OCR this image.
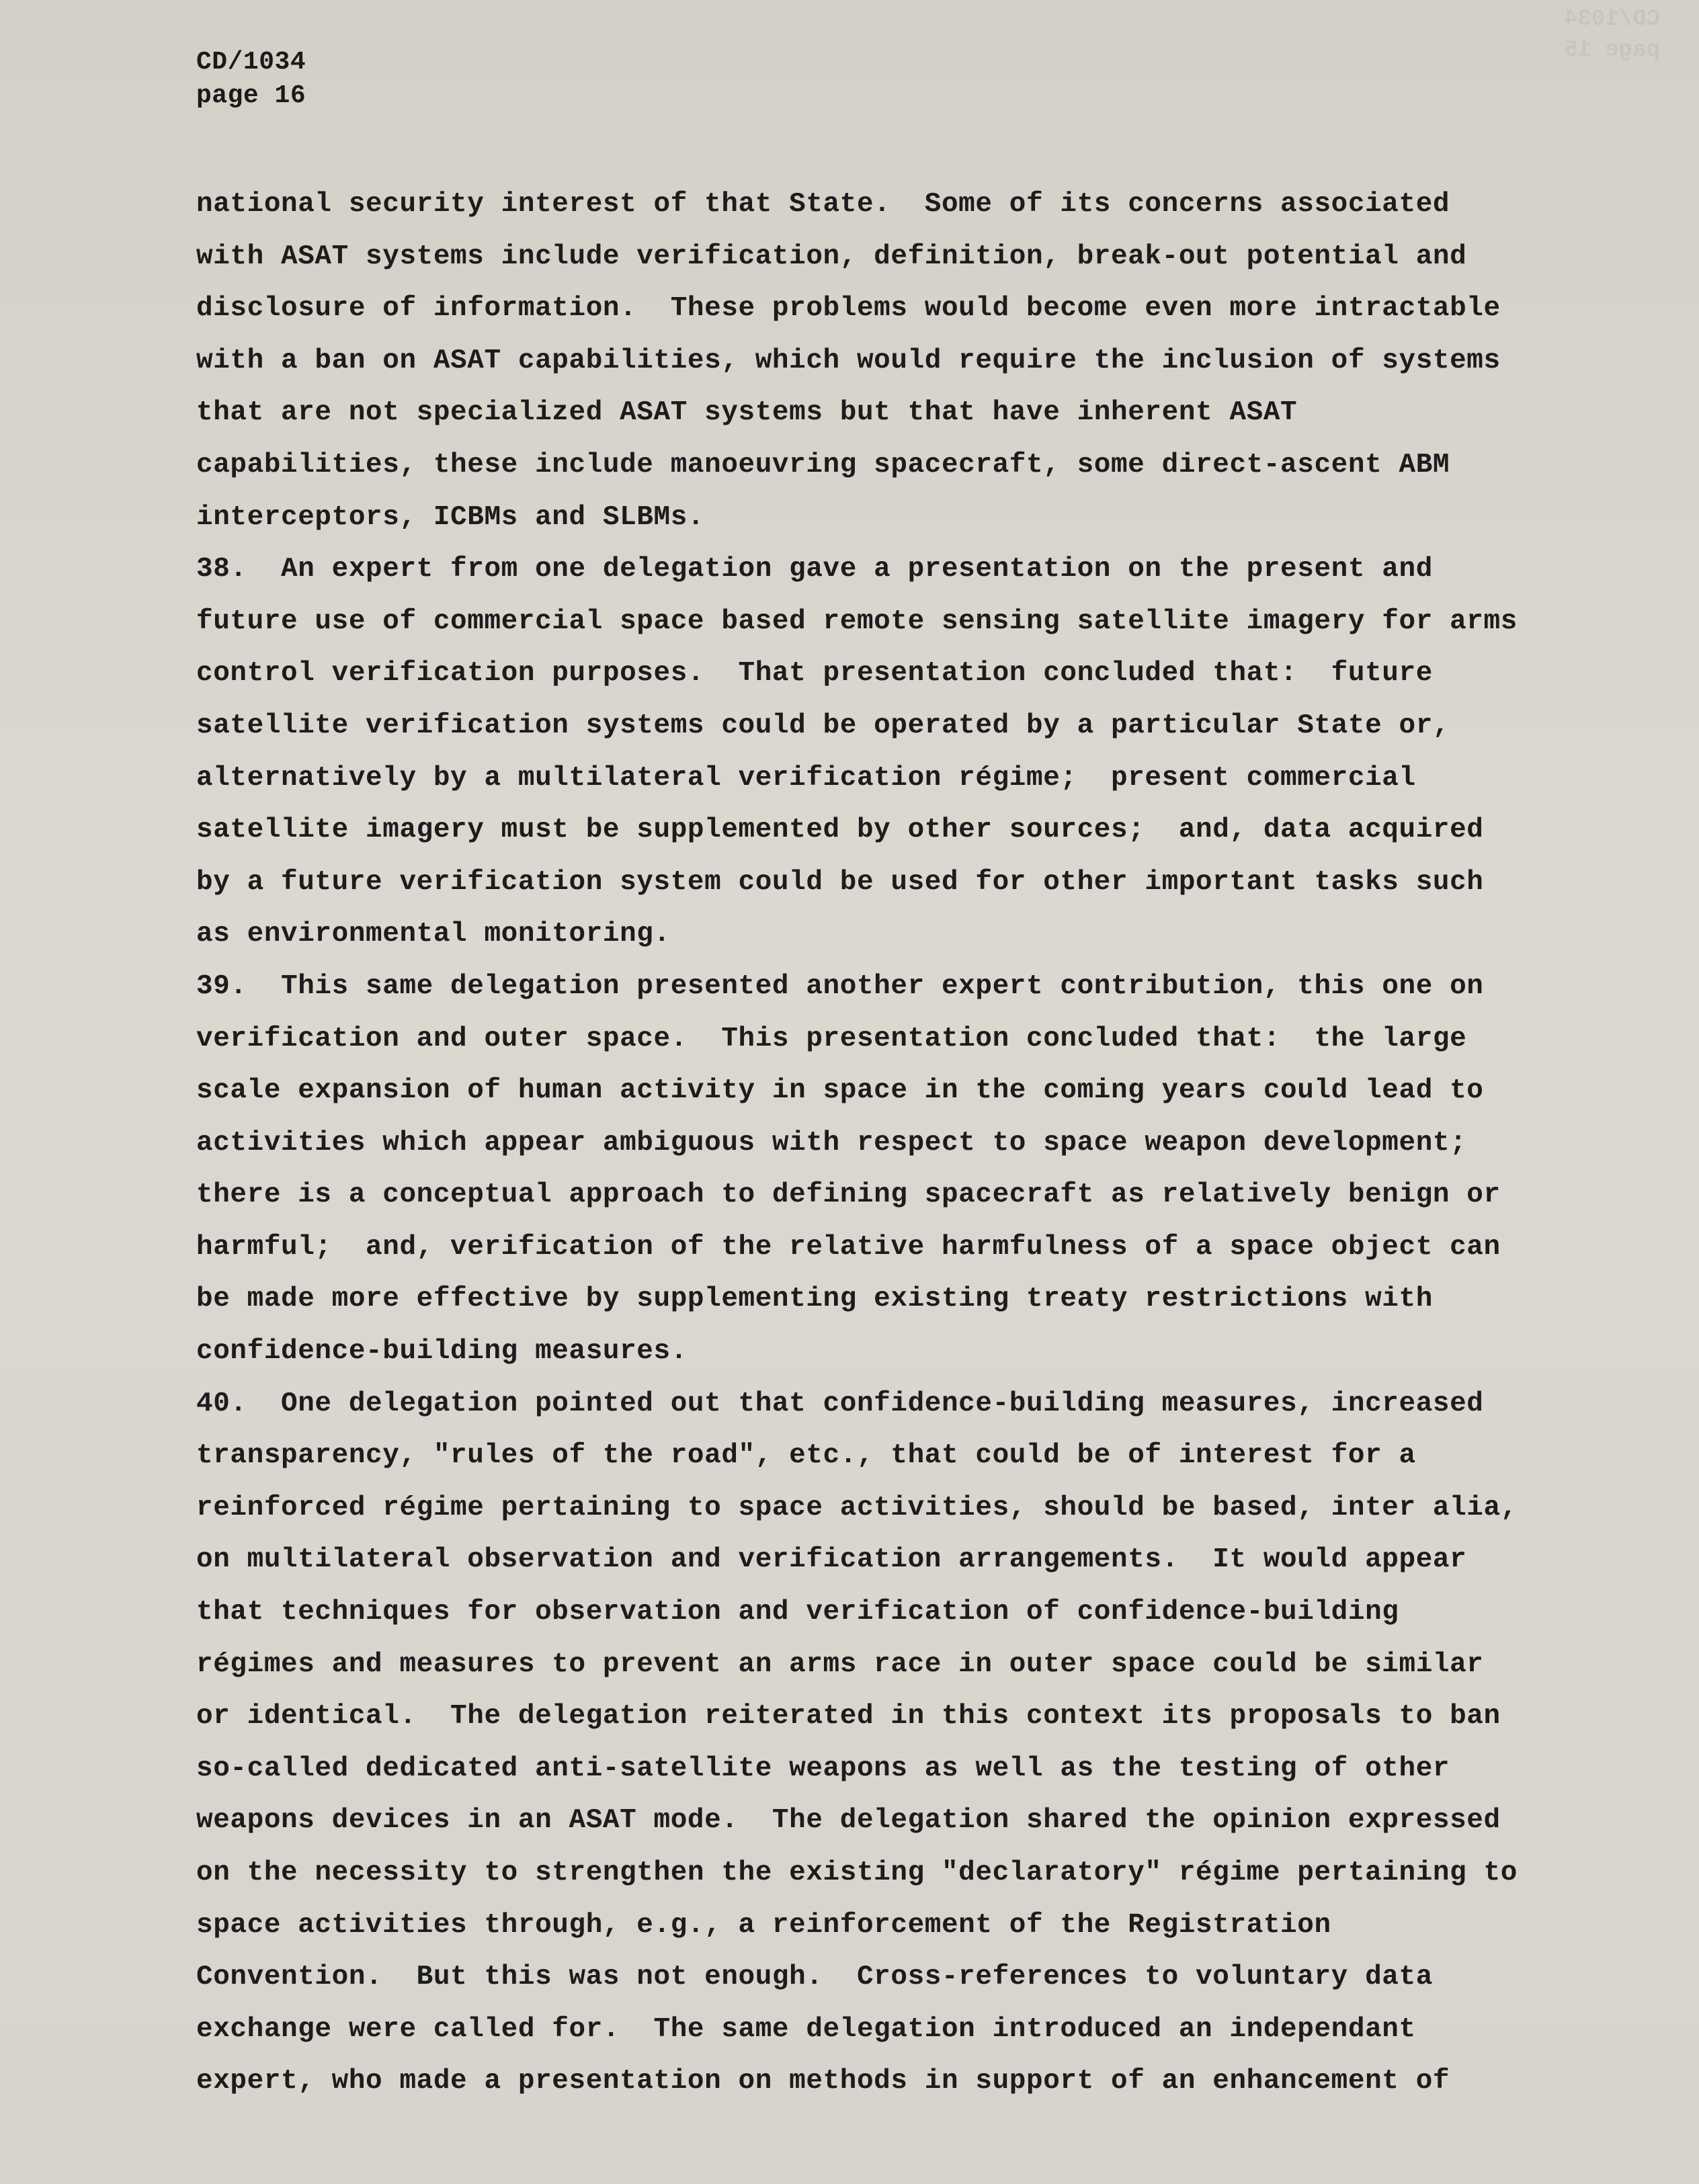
CD/1034
page 15
CD/1034
page 16
national security interest of that State.  Some of its concerns associated
with ASAT systems include verification, definition, break-out potential and
disclosure of information.  These problems would become even more intractable
with a ban on ASAT capabilities, which would require the inclusion of systems
that are not specialized ASAT systems but that have inherent ASAT
capabilities, these include manoeuvring spacecraft, some direct-ascent ABM
interceptors, ICBMs and SLBMs.
38.  An expert from one delegation gave a presentation on the present and
future use of commercial space based remote sensing satellite imagery for arms
control verification purposes.  That presentation concluded that:  future
satellite verification systems could be operated by a particular State or,
alternatively by a multilateral verification régime;  present commercial
satellite imagery must be supplemented by other sources;  and, data acquired
by a future verification system could be used for other important tasks such
as environmental monitoring.
39.  This same delegation presented another expert contribution, this one on
verification and outer space.  This presentation concluded that:  the large
scale expansion of human activity in space in the coming years could lead to
activities which appear ambiguous with respect to space weapon development;
there is a conceptual approach to defining spacecraft as relatively benign or
harmful;  and, verification of the relative harmfulness of a space object can
be made more effective by supplementing existing treaty restrictions with
confidence-building measures.
40.  One delegation pointed out that confidence-building measures, increased
transparency, "rules of the road", etc., that could be of interest for a
reinforced régime pertaining to space activities, should be based, inter alia,
on multilateral observation and verification arrangements.  It would appear
that techniques for observation and verification of confidence-building
régimes and measures to prevent an arms race in outer space could be similar
or identical.  The delegation reiterated in this context its proposals to ban
so-called dedicated anti-satellite weapons as well as the testing of other
weapons devices in an ASAT mode.  The delegation shared the opinion expressed
on the necessity to strengthen the existing "declaratory" régime pertaining to
space activities through, e.g., a reinforcement of the Registration
Convention.  But this was not enough.  Cross-references to voluntary data
exchange were called for.  The same delegation introduced an independant
expert, who made a presentation on methods in support of an enhancement of
